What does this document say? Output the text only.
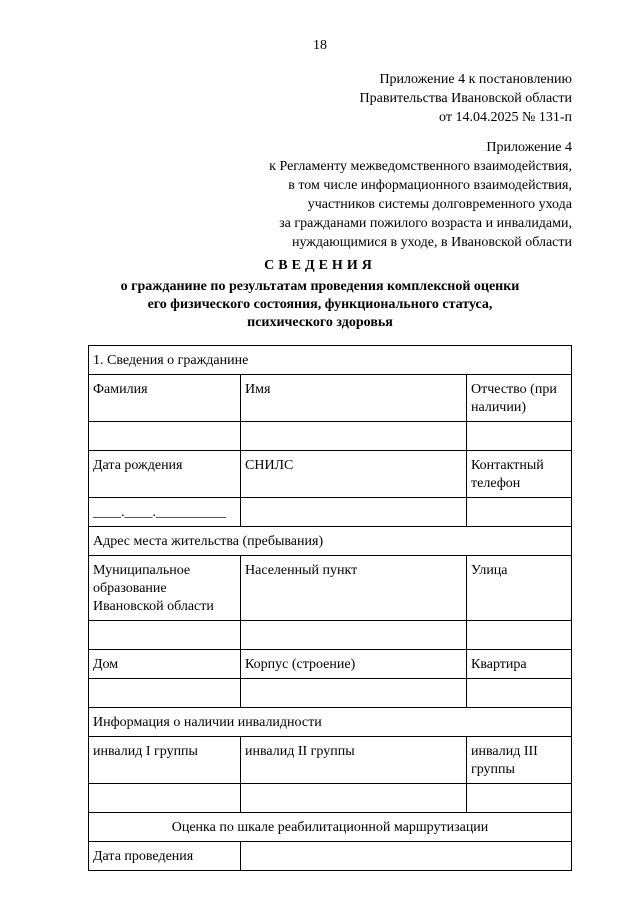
18
Приложение 4 к постановлению
Правительства Ивановской области
от 14.04.2025 № 131-п
Приложение 4
к Регламенту межведомственного взаимодействия,
в том числе информационного взаимодействия,
участников системы долговременного ухода
за гражданами пожилого возраста и инвалидами,
нуждающимися в уходе, в Ивановской области
СВЕДЕНИЯ
о гражданине по результатам проведения комплексной оценки
его физического состояния, функционального статуса,
психического здоровья
1. Сведения о гражданине		
Фамилия	Имя	Отчество (при наличии)

Дата рождения	СНИЛС	Контактный телефон
____.____.__________		
Адрес места жительства (пребывания)		
Муниципальное образование Ивановской области	Населенный пункт	Улица

Дом	Корпус (строение)	Квартира

Информация о наличии инвалидности		
инвалид I группы	инвалид II группы	инвалид III группы

Оценка по шкале реабилитационной маршрутизации		
Дата проведения		
